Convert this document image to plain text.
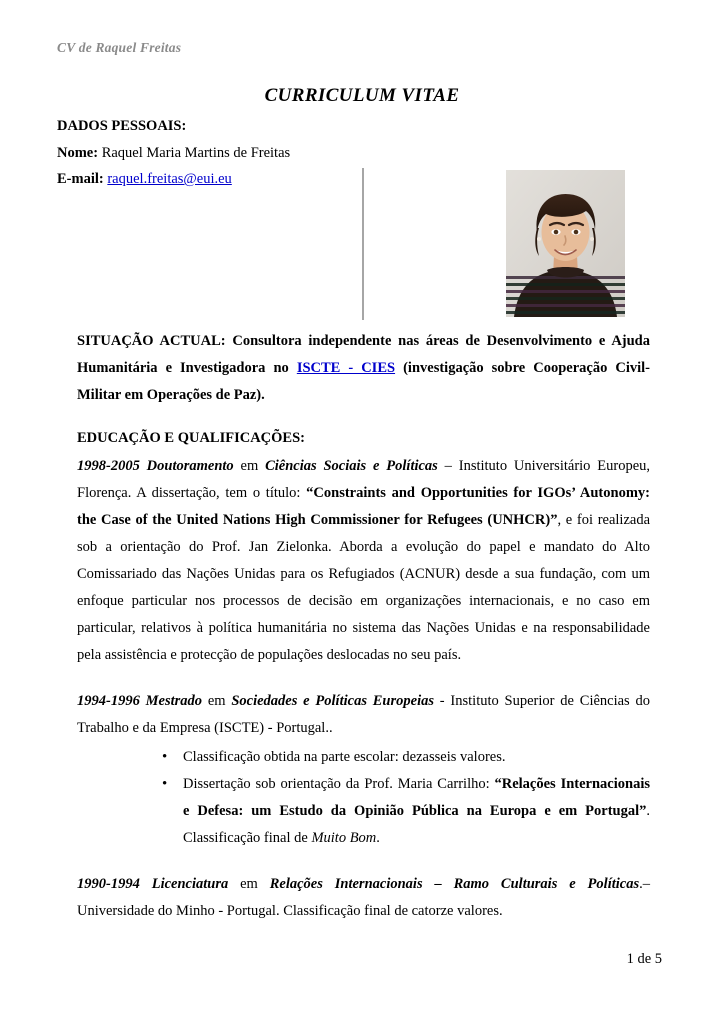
CV de Raquel Freitas
CURRICULUM VITAE
DADOS PESSOAIS:
Nome: Raquel Maria Martins de Freitas
E-mail: raquel.freitas@eui.eu
SITUAÇÃO ACTUAL: Consultora independente nas áreas de Desenvolvimento e Ajuda Humanitária e Investigadora no ISCTE - CIES (investigação sobre Cooperação Civil-Militar em Operações de Paz).
EDUCAÇÃO E QUALIFICAÇÕES:
1998-2005 Doutoramento em Ciências Sociais e Políticas – Instituto Universitário Europeu, Florença. A dissertação, tem o título: “Constraints and Opportunities for IGOs’ Autonomy: the Case of the United Nations High Commissioner for Refugees (UNHCR)”, e foi realizada sob a orientação do Prof. Jan Zielonka. Aborda a evolução do papel e mandato do Alto Comissariado das Nações Unidas para os Refugiados (ACNUR) desde a sua fundação, com um enfoque particular nos processos de decisão em organizações internacionais, e no caso em particular, relativos à política humanitária no sistema das Nações Unidas e na responsabilidade pela assistência e protecção de populações deslocadas no seu país.
1994-1996 Mestrado em Sociedades e Políticas Europeias - Instituto Superior de Ciências do Trabalho e da Empresa (ISCTE) - Portugal..
• Classificação obtida na parte escolar: dezasseis valores.
• Dissertação sob orientação da Prof. Maria Carrilho: “Relações Internacionais e Defesa: um Estudo da Opinião Pública na Europa e em Portugal”. Classificação final de Muito Bom.
1990-1994 Licenciatura em Relações Internacionais – Ramo Culturais e Políticas.– Universidade do Minho - Portugal. Classificação final de catorze valores.
1 de 5
